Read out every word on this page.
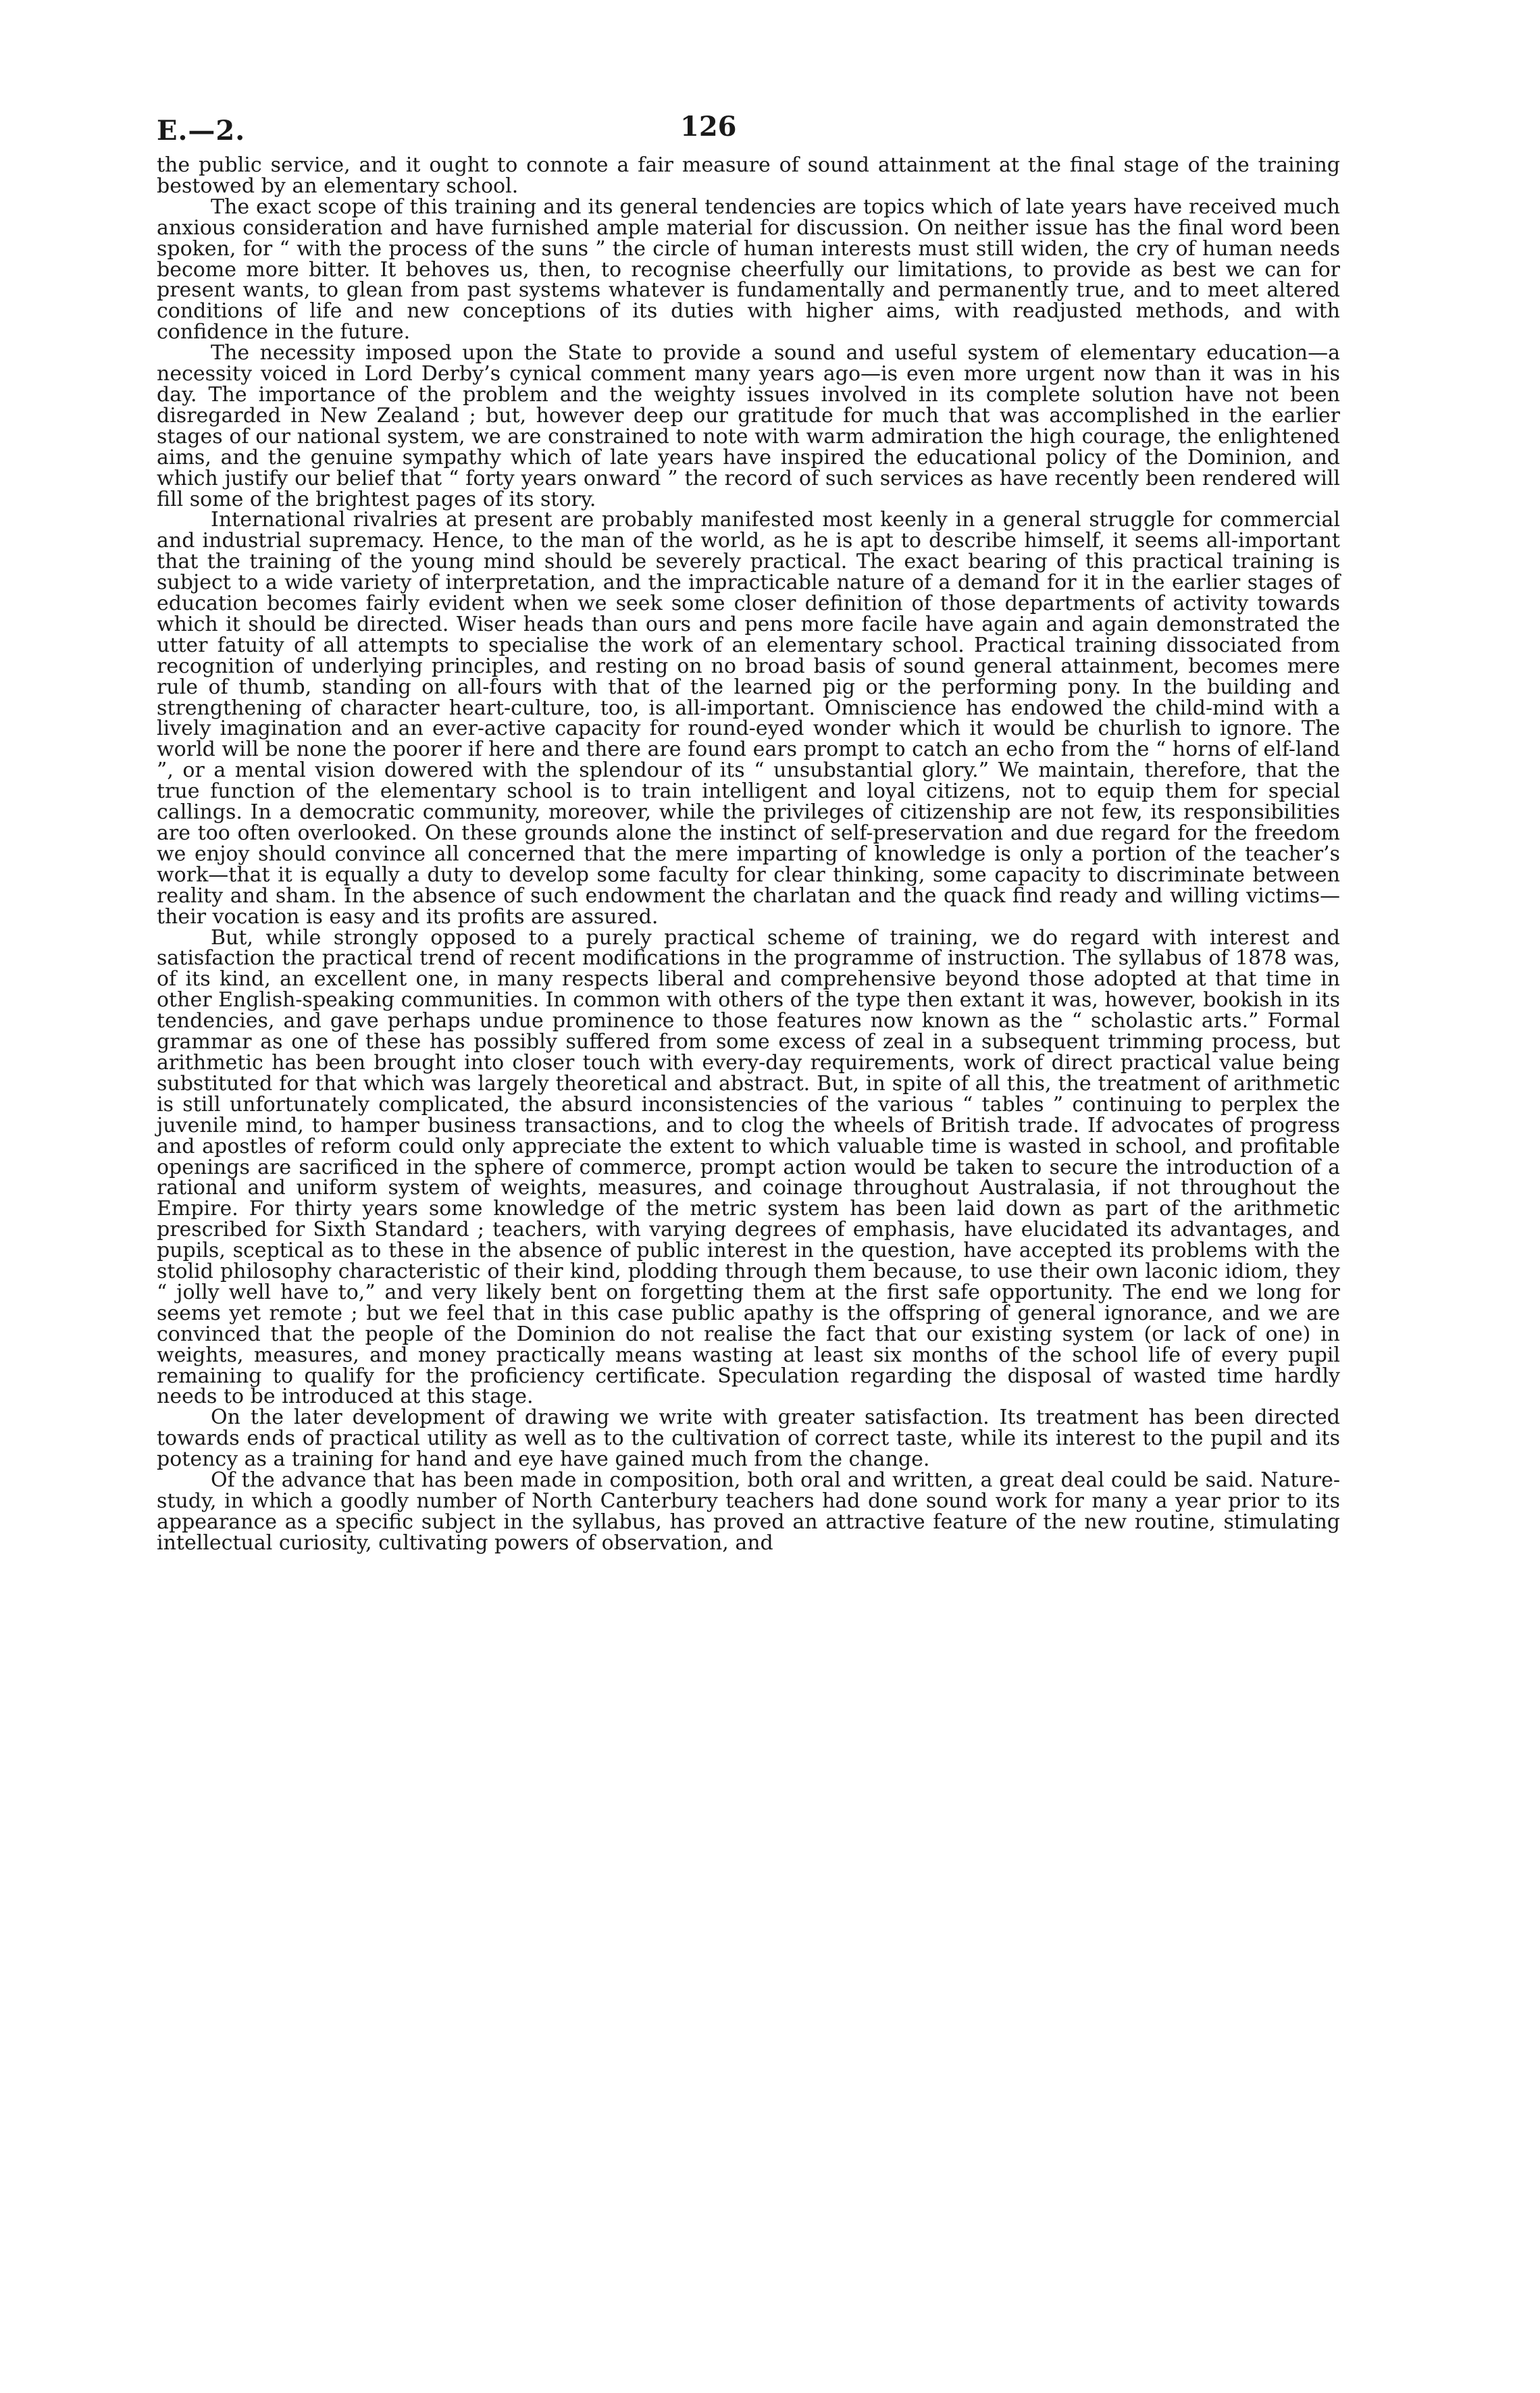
E.—2.	126

the public service, and it ought to connote a fair measure of sound attainment at the final stage of the training bestowed by an elementary school.

The exact scope of this training and its general tendencies are topics which of late years have received much anxious consideration and have furnished ample material for discussion. On neither issue has the final word been spoken, for “ with the process of the suns ” the circle of human interests must still widen, the cry of human needs become more bitter. It behoves us, then, to recognise cheerfully our limitations, to provide as best we can for present wants, to glean from past systems whatever is fundamentally and permanently true, and to meet altered conditions of life and new conceptions of its duties with higher aims, with readjusted methods, and with confidence in the future.

The necessity imposed upon the State to provide a sound and useful system of elementary education—a necessity voiced in Lord Derby’s cynical comment many years ago—is even more urgent now than it was in his day. The importance of the problem and the weighty issues involved in its complete solution have not been disregarded in New Zealand ; but, however deep our gratitude for much that was accomplished in the earlier stages of our national system, we are constrained to note with warm admiration the high courage, the enlightened aims, and the genuine sympathy which of late years have inspired the educational policy of the Dominion, and which justify our belief that “ forty years onward ” the record of such services as have recently been rendered will fill some of the brightest pages of its story.

International rivalries at present are probably manifested most keenly in a general struggle for commercial and industrial supremacy. Hence, to the man of the world, as he is apt to describe himself, it seems all-important that the training of the young mind should be severely practical. The exact bearing of this practical training is subject to a wide variety of interpretation, and the impracticable nature of a demand for it in the earlier stages of education becomes fairly evident when we seek some closer definition of those departments of activity towards which it should be directed. Wiser heads than ours and pens more facile have again and again demonstrated the utter fatuity of all attempts to specialise the work of an elementary school. Practical training dissociated from recognition of underlying principles, and resting on no broad basis of sound general attainment, becomes mere rule of thumb, standing on all-fours with that of the learned pig or the performing pony. In the building and strengthening of character heart-culture, too, is all-important. Omniscience has endowed the child-mind with a lively imagination and an ever-active capacity for round-eyed wonder which it would be churlish to ignore. The world will be none the poorer if here and there are found ears prompt to catch an echo from the “ horns of elf-land ”, or a mental vision dowered with the splendour of its “ unsubstantial glory.” We maintain, therefore, that the true function of the elementary school is to train intelligent and loyal citizens, not to equip them for special callings. In a democratic community, moreover, while the privileges of citizenship are not few, its responsibilities are too often overlooked. On these grounds alone the instinct of self-preservation and due regard for the freedom we enjoy should convince all concerned that the mere imparting of knowledge is only a portion of the teacher’s work—that it is equally a duty to develop some faculty for clear thinking, some capacity to discriminate between reality and sham. In the absence of such endowment the charlatan and the quack find ready and willing victims—their vocation is easy and its profits are assured.

But, while strongly opposed to a purely practical scheme of training, we do regard with interest and satisfaction the practical trend of recent modifications in the programme of instruction. The syllabus of 1878 was, of its kind, an excellent one, in many respects liberal and comprehensive beyond those adopted at that time in other English-speaking communities. In common with others of the type then extant it was, however, bookish in its tendencies, and gave perhaps undue prominence to those features now known as the “ scholastic arts.” Formal grammar as one of these has possibly suffered from some excess of zeal in a subsequent trimming process, but arithmetic has been brought into closer touch with every-day requirements, work of direct practical value being substituted for that which was largely theoretical and abstract. But, in spite of all this, the treatment of arithmetic is still unfortunately complicated, the absurd inconsistencies of the various “ tables ” continuing to perplex the juvenile mind, to hamper business transactions, and to clog the wheels of British trade. If advocates of progress and apostles of reform could only appreciate the extent to which valuable time is wasted in school, and profitable openings are sacrificed in the sphere of commerce, prompt action would be taken to secure the introduction of a rational and uniform system of weights, measures, and coinage throughout Australasia, if not throughout the Empire. For thirty years some knowledge of the metric system has been laid down as part of the arithmetic prescribed for Sixth Standard ; teachers, with varying degrees of emphasis, have elucidated its advantages, and pupils, sceptical as to these in the absence of public interest in the question, have accepted its problems with the stolid philosophy characteristic of their kind, plodding through them because, to use their own laconic idiom, they “ jolly well have to,” and very likely bent on forgetting them at the first safe opportunity. The end we long for seems yet remote ; but we feel that in this case public apathy is the offspring of general ignorance, and we are convinced that the people of the Dominion do not realise the fact that our existing system (or lack of one) in weights, measures, and money practically means wasting at least six months of the school life of every pupil remaining to qualify for the proficiency certificate. Speculation regarding the disposal of wasted time hardly needs to be introduced at this stage.

On the later development of drawing we write with greater satisfaction. Its treatment has been directed towards ends of practical utility as well as to the cultivation of correct taste, while its interest to the pupil and its potency as a training for hand and eye have gained much from the change.

Of the advance that has been made in composition, both oral and written, a great deal could be said. Nature-study, in which a goodly number of North Canterbury teachers had done sound work for many a year prior to its appearance as a specific subject in the syllabus, has proved an attractive feature of the new routine, stimulating intellectual curiosity, cultivating powers of observation, and
